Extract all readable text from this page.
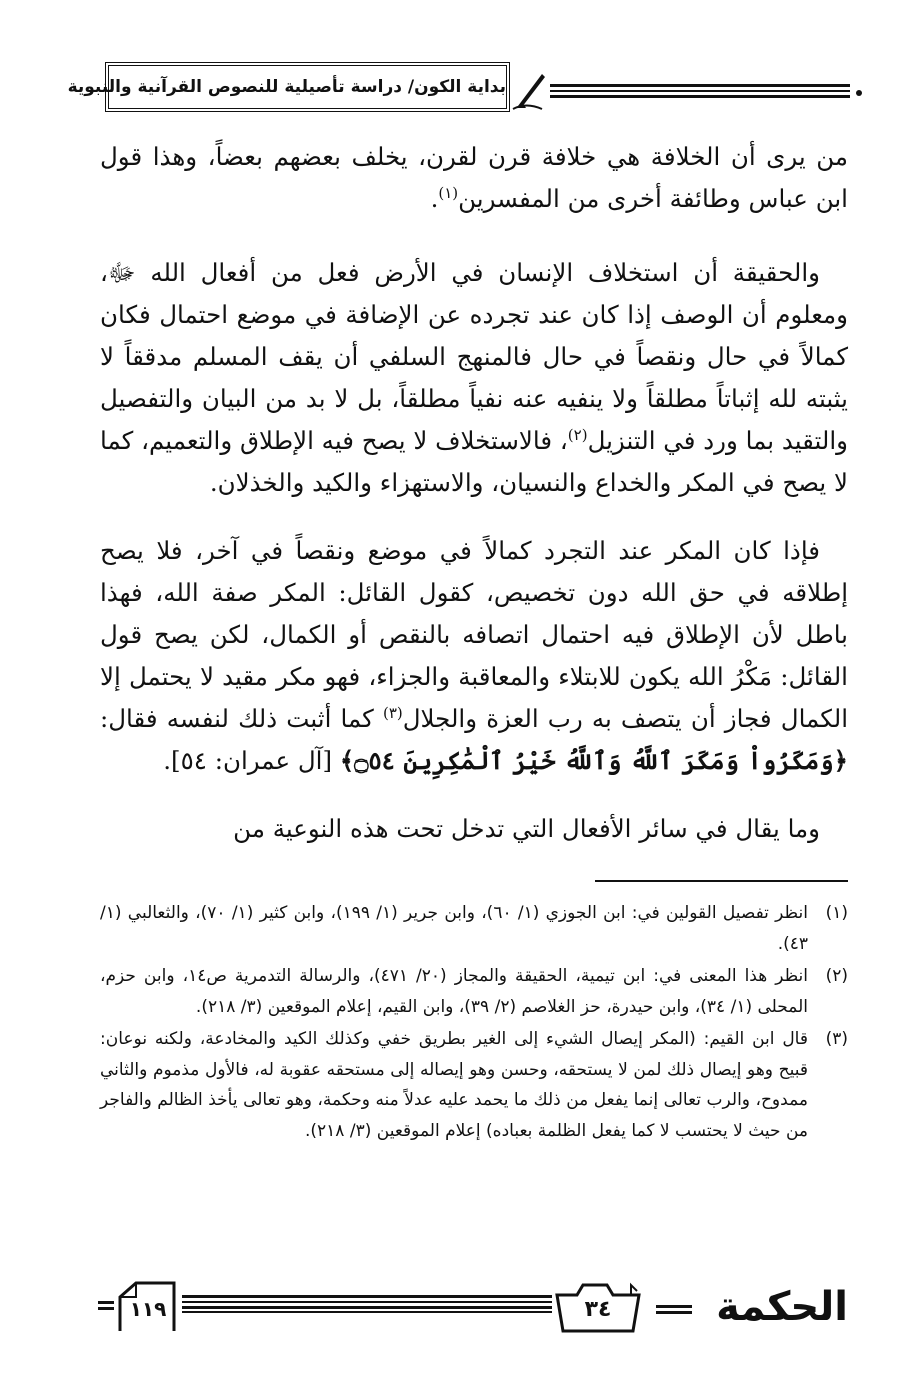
بداية الكون/ دراسة تأصيلية للنصوص القرآنية والنبوية
من يرى أن الخلافة هي خلافة قرن لقرن، يخلف بعضهم بعضاً، وهذا قول ابن عباس وطائفة أخرى من المفسرين$^{(١)}$.
والحقيقة أن استخلاف الإنسان في الأرض فعل من أفعال الله ﷻ، ومعلوم أن الوصف إذا كان عند تجرده عن الإضافة في موضع احتمال فكان كمالاً في حال ونقصاً في حال فالمنهج السلفي أن يقف المسلم مدققاً لا يثبته لله إثباتاً مطلقاً ولا ينفيه عنه نفياً مطلقاً، بل لا بد من البيان والتفصيل والتقيد بما ورد في التنزيل$^{(٢)}$، فالاستخلاف لا يصح فيه الإطلاق والتعميم، كما لا يصح في المكر والخداع والنسيان، والاستهزاء والكيد والخذلان.
فإذا كان المكر عند التجرد كمالاً في موضع ونقصاً في آخر، فلا يصح إطلاقه في حق الله دون تخصيص، كقول القائل: المكر صفة الله، فهذا باطل لأن الإطلاق فيه احتمال اتصافه بالنقص أو الكمال، لكن يصح قول القائل: مَكْرُ الله يكون للابتلاء والمعاقبة والجزاء، فهو مكر مقيد لا يحتمل إلا الكمال فجاز أن يتصف به رب العزة والجلال$^{(٣)}$ كما أثبت ذلك لنفسه فقال: ﴿وَمَكَرُواْ وَمَكَرَ ٱللَّهُ وَٱللَّهُ خَيْرُ ٱلْمَٰكِرِينَ ۝٥٤﴾ [آل عمران: ٥٤].
وما يقال في سائر الأفعال التي تدخل تحت هذه النوعية من
(١)
انظر تفصيل القولين في: ابن الجوزي (١/ ٦٠)، وابن جرير (١/ ١٩٩)، وابن كثير (١/ ٧٠)، والثعالبي (١/ ٤٣).
(٢)
انظر هذا المعنى في: ابن تيمية، الحقيقة والمجاز (٢٠/ ٤٧١)، والرسالة التدمرية ص١٤، وابن حزم، المحلى (١/ ٣٤)، وابن حيدرة، حز الغلاصم (٢/ ٣٩)، وابن القيم، إعلام الموقعين (٣/ ٢١٨).
(٣)
قال ابن القيم: (المكر إيصال الشيء إلى الغير بطريق خفي وكذلك الكيد والمخادعة، ولكنه نوعان: قبيح وهو إيصال ذلك لمن لا يستحقه، وحسن وهو إيصاله إلى مستحقه عقوبة له، فالأول مذموم والثاني ممدوح، والرب تعالى إنما يفعل من ذلك ما يحمد عليه عدلاً منه وحكمة، وهو تعالى يأخذ الظالم والفاجر من حيث لا يحتسب لا كما يفعل الظلمة بعباده) إعلام الموقعين (٣/ ٢١٨).
١١٩	٣٤	الحكمة
